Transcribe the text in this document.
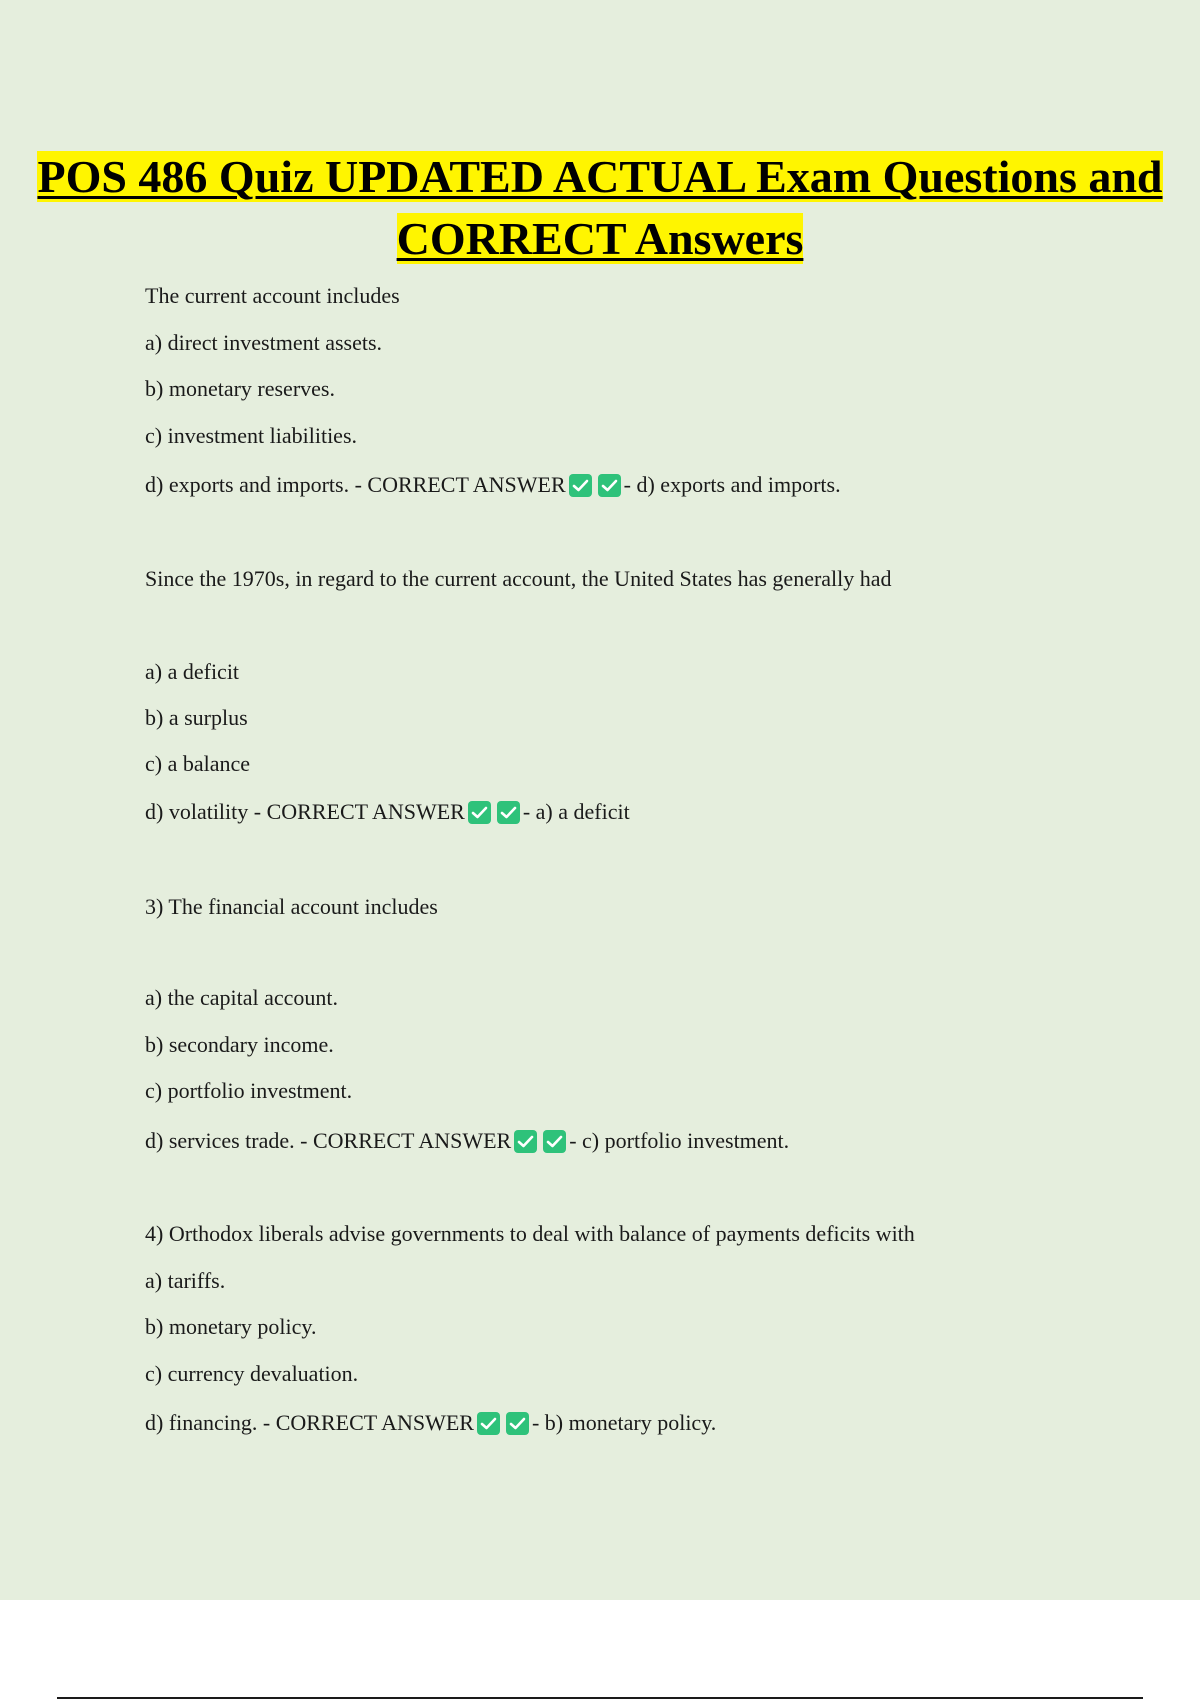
POS 486 Quiz UPDATED ACTUAL Exam Questions and CORRECT Answers
The current account includes
a) direct investment assets.
b) monetary reserves.
c) investment liabilities.
d) exports and imports.
- CORRECT ANSWER	- d) exports and imports.
Since the 1970s, in regard to the current account, the United States has generally had
a) a deficit
b) a surplus
c) a balance
d) volatility
- CORRECT ANSWER	- a) a deficit
3) The financial account includes
a) the capital account.
b) secondary income.
c) portfolio investment.
d) services trade.
- CORRECT ANSWER	- c) portfolio investment.
4) Orthodox liberals advise governments to deal with balance of payments deficits with
a) tariffs.
b) monetary policy.
c) currency devaluation.
d) financing.
- CORRECT ANSWER	- b) monetary policy.
